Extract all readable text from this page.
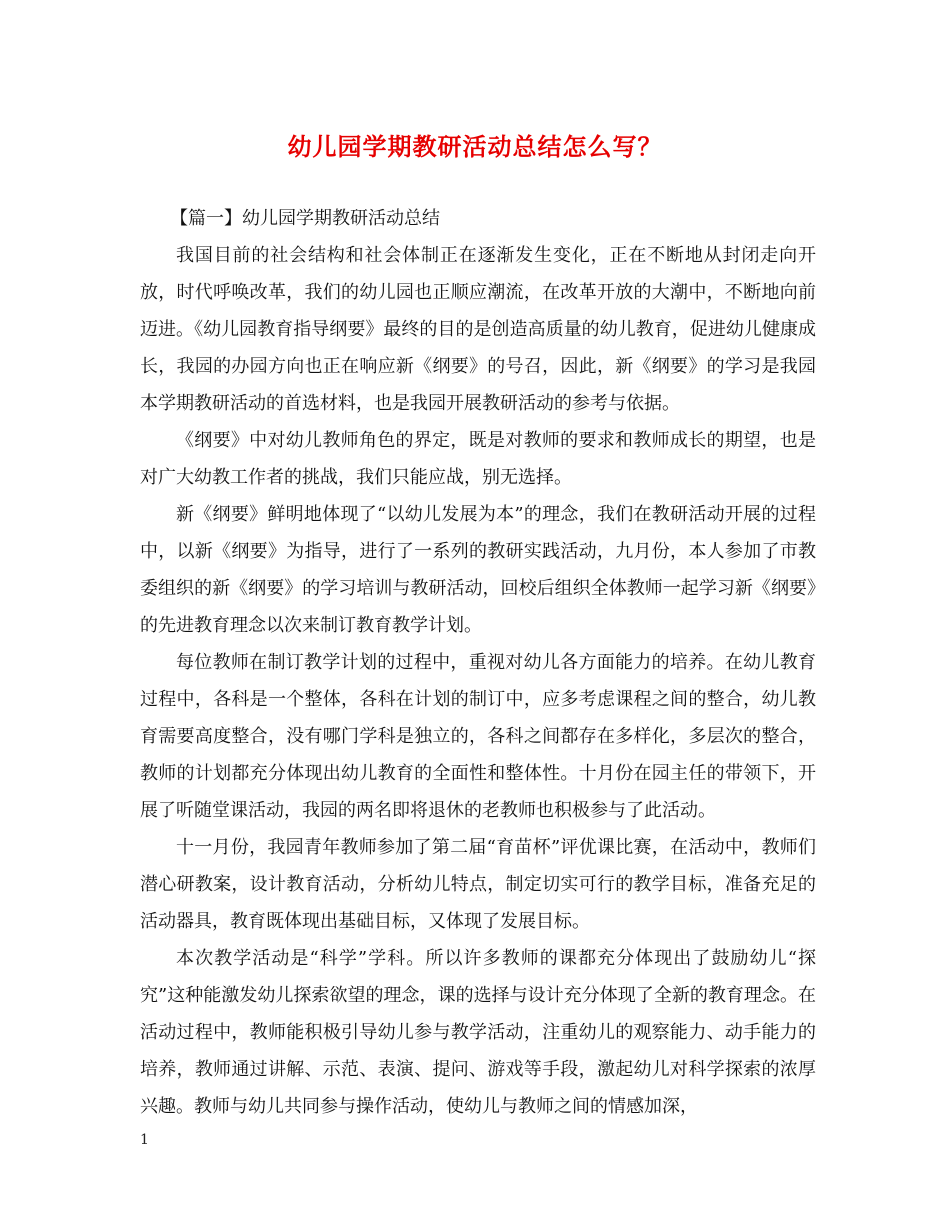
幼儿园学期教研活动总结怎么写？

【篇一】幼儿园学期教研活动总结

我国目前的社会结构和社会体制正在逐渐发生变化，正在不断地从封闭走向开放，时代呼唤改革，我们的幼儿园也正顺应潮流，在改革开放的大潮中，不断地向前迈进。《幼儿园教育指导纲要》最终的目的是创造高质量的幼儿教育，促进幼儿健康成长，我园的办园方向也正在响应新《纲要》的号召，因此，新《纲要》的学习是我园本学期教研活动的首选材料，也是我园开展教研活动的参考与依据。

《纲要》中对幼儿教师角色的界定，既是对教师的要求和教师成长的期望，也是对广大幼教工作者的挑战，我们只能应战，别无选择。

新《纲要》鲜明地体现了“以幼儿发展为本”的理念，我们在教研活动开展的过程中，以新《纲要》为指导，进行了一系列的教研实践活动，九月份，本人参加了市教委组织的新《纲要》的学习培训与教研活动，回校后组织全体教师一起学习新《纲要》的先进教育理念以次来制订教育教学计划。

每位教师在制订教学计划的过程中，重视对幼儿各方面能力的培养。在幼儿教育过程中，各科是一个整体，各科在计划的制订中，应多考虑课程之间的整合，幼儿教育需要高度整合，没有哪门学科是独立的，各科之间都存在多样化，多层次的整合，教师的计划都充分体现出幼儿教育的全面性和整体性。十月份在园主任的带领下，开展了听随堂课活动，我园的两名即将退休的老教师也积极参与了此活动。

十一月份，我园青年教师参加了第二届“育苗杯”评优课比赛，在活动中，教师们潜心研教案，设计教育活动，分析幼儿特点，制定切实可行的教学目标，准备充足的活动器具，教育既体现出基础目标，又体现了发展目标。

本次教学活动是“科学”学科。所以许多教师的课都充分体现出了鼓励幼儿“探究”这种能激发幼儿探索欲望的理念，课的选择与设计充分体现了全新的教育理念。在活动过程中，教师能积极引导幼儿参与教学活动，注重幼儿的观察能力、动手能力的培养，教师通过讲解、示范、表演、提问、游戏等手段，激起幼儿对科学探索的浓厚兴趣。教师与幼儿共同参与操作活动，使幼儿与教师之间的情感加深，

1
